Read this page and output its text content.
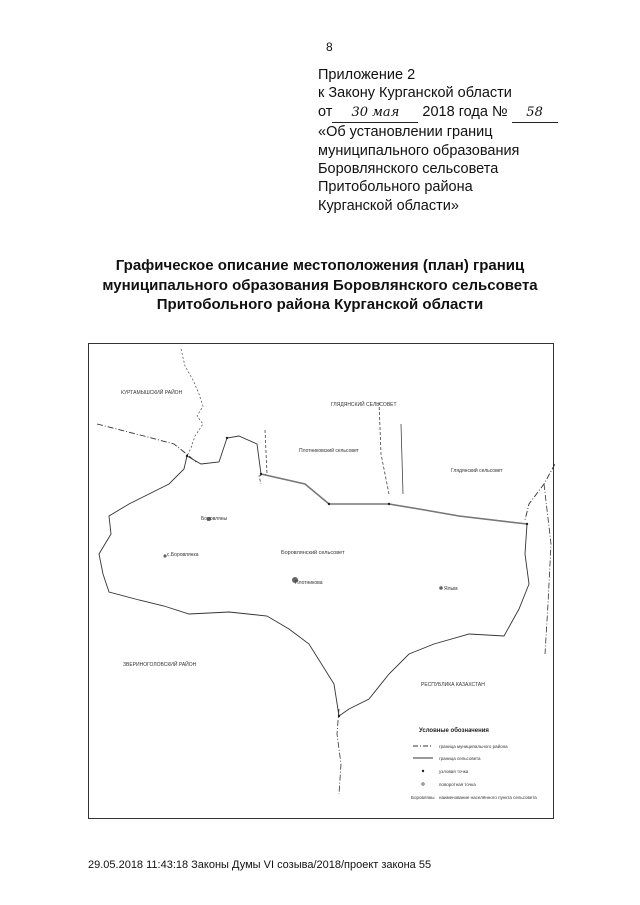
8
Приложение 2
к Закону Курганской области
от 30 мая 2018 года № 58
«Об установлении границ
муниципального образования
Боровлянского сельсовета
Притобольного района
Курганской области»
Графическое описание местоположения (план) границ
муниципального образования Боровлянского сельсовета
Притобольного района Курганской области
КУРТАМЫШСКИЙ РАЙОН
ГЛЯДЯНСКИЙ СЕЛЬСОВЕТ
Плотниковский сельсовет
Глядянский сельсовет
Боровляны
с.Боровлянка	Боровлянский сельсовет
Плотникова
Ялым
ЗВЕРИНОГОЛОВСКИЙ РАЙОН
РЕСПУБЛИКА КАЗАХСТАН
Условные обозначения
граница муниципального района
граница сельсовета
узловая точка
поворотная точка
Боровляны наименование населённого пункта сельсовета
29.05.2018 11:43:18 Законы Думы VI созыва/2018/проект закона 55
